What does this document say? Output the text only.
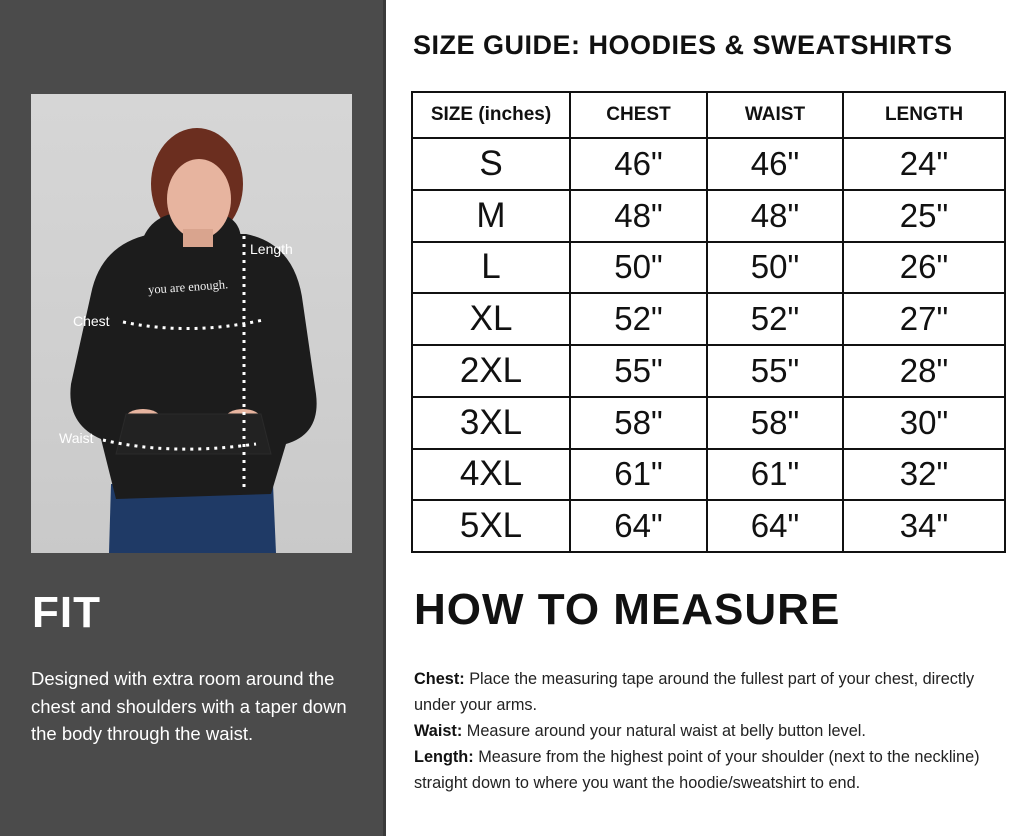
Length
Chest
Waist
you are enough.
FIT

Designed with extra room around the chest and shoulders with a taper down the body through the waist.

SIZE GUIDE: HOODIES & SWEATSHIRTS
SIZE (inches)	CHEST	WAIST	LENGTH
S	46"	46"	24"
M	48"	48"	25"
L	50"	50"	26"
XL	52"	52"	27"
2XL	55"	55"	28"
3XL	58"	58"	30"
4XL	61"	61"	32"
5XL	64"	64"	34"
HOW TO MEASURE

Chest: Place the measuring tape around the fullest part of your chest, directly under your arms.

Waist: Measure around your natural waist at belly button level.

Length: Measure from the highest point of your shoulder (next to the neckline) straight down to where you want the hoodie/sweatshirt to end.
